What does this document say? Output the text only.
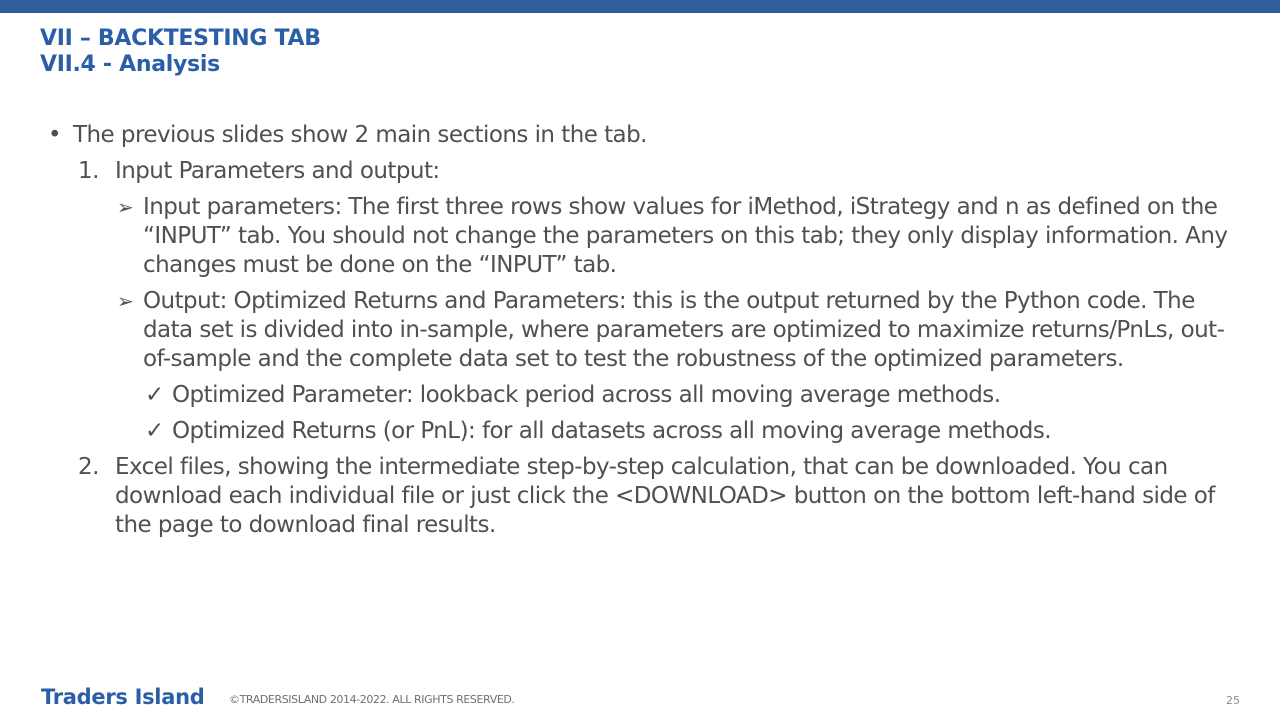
VII – BACKTESTING TAB
VII.4 - Analysis
• The previous slides show 2 main sections in the tab.
1. Input Parameters and output:
➢ Input parameters: The first three rows show values for iMethod, iStrategy and n as defined on the “INPUT” tab. You should not change the parameters on this tab; they only display information. Any changes must be done on the “INPUT” tab.
➢ Output: Optimized Returns and Parameters: this is the output returned by the Python code. The data set is divided into in-sample, where parameters are optimized to maximize returns/PnLs, out-of-sample and the complete data set to test the robustness of the optimized parameters.
✓ Optimized Parameter: lookback period across all moving average methods.
✓ Optimized Returns (or PnL): for all datasets across all moving average methods.
2. Excel files, showing the intermediate step-by-step calculation, that can be downloaded. You can download each individual file or just click the <DOWNLOAD> button on the bottom left-hand side of the page to download final results.
Traders Island ©TRADERSISLAND 2014-2022. ALL RIGHTS RESERVED.	25
